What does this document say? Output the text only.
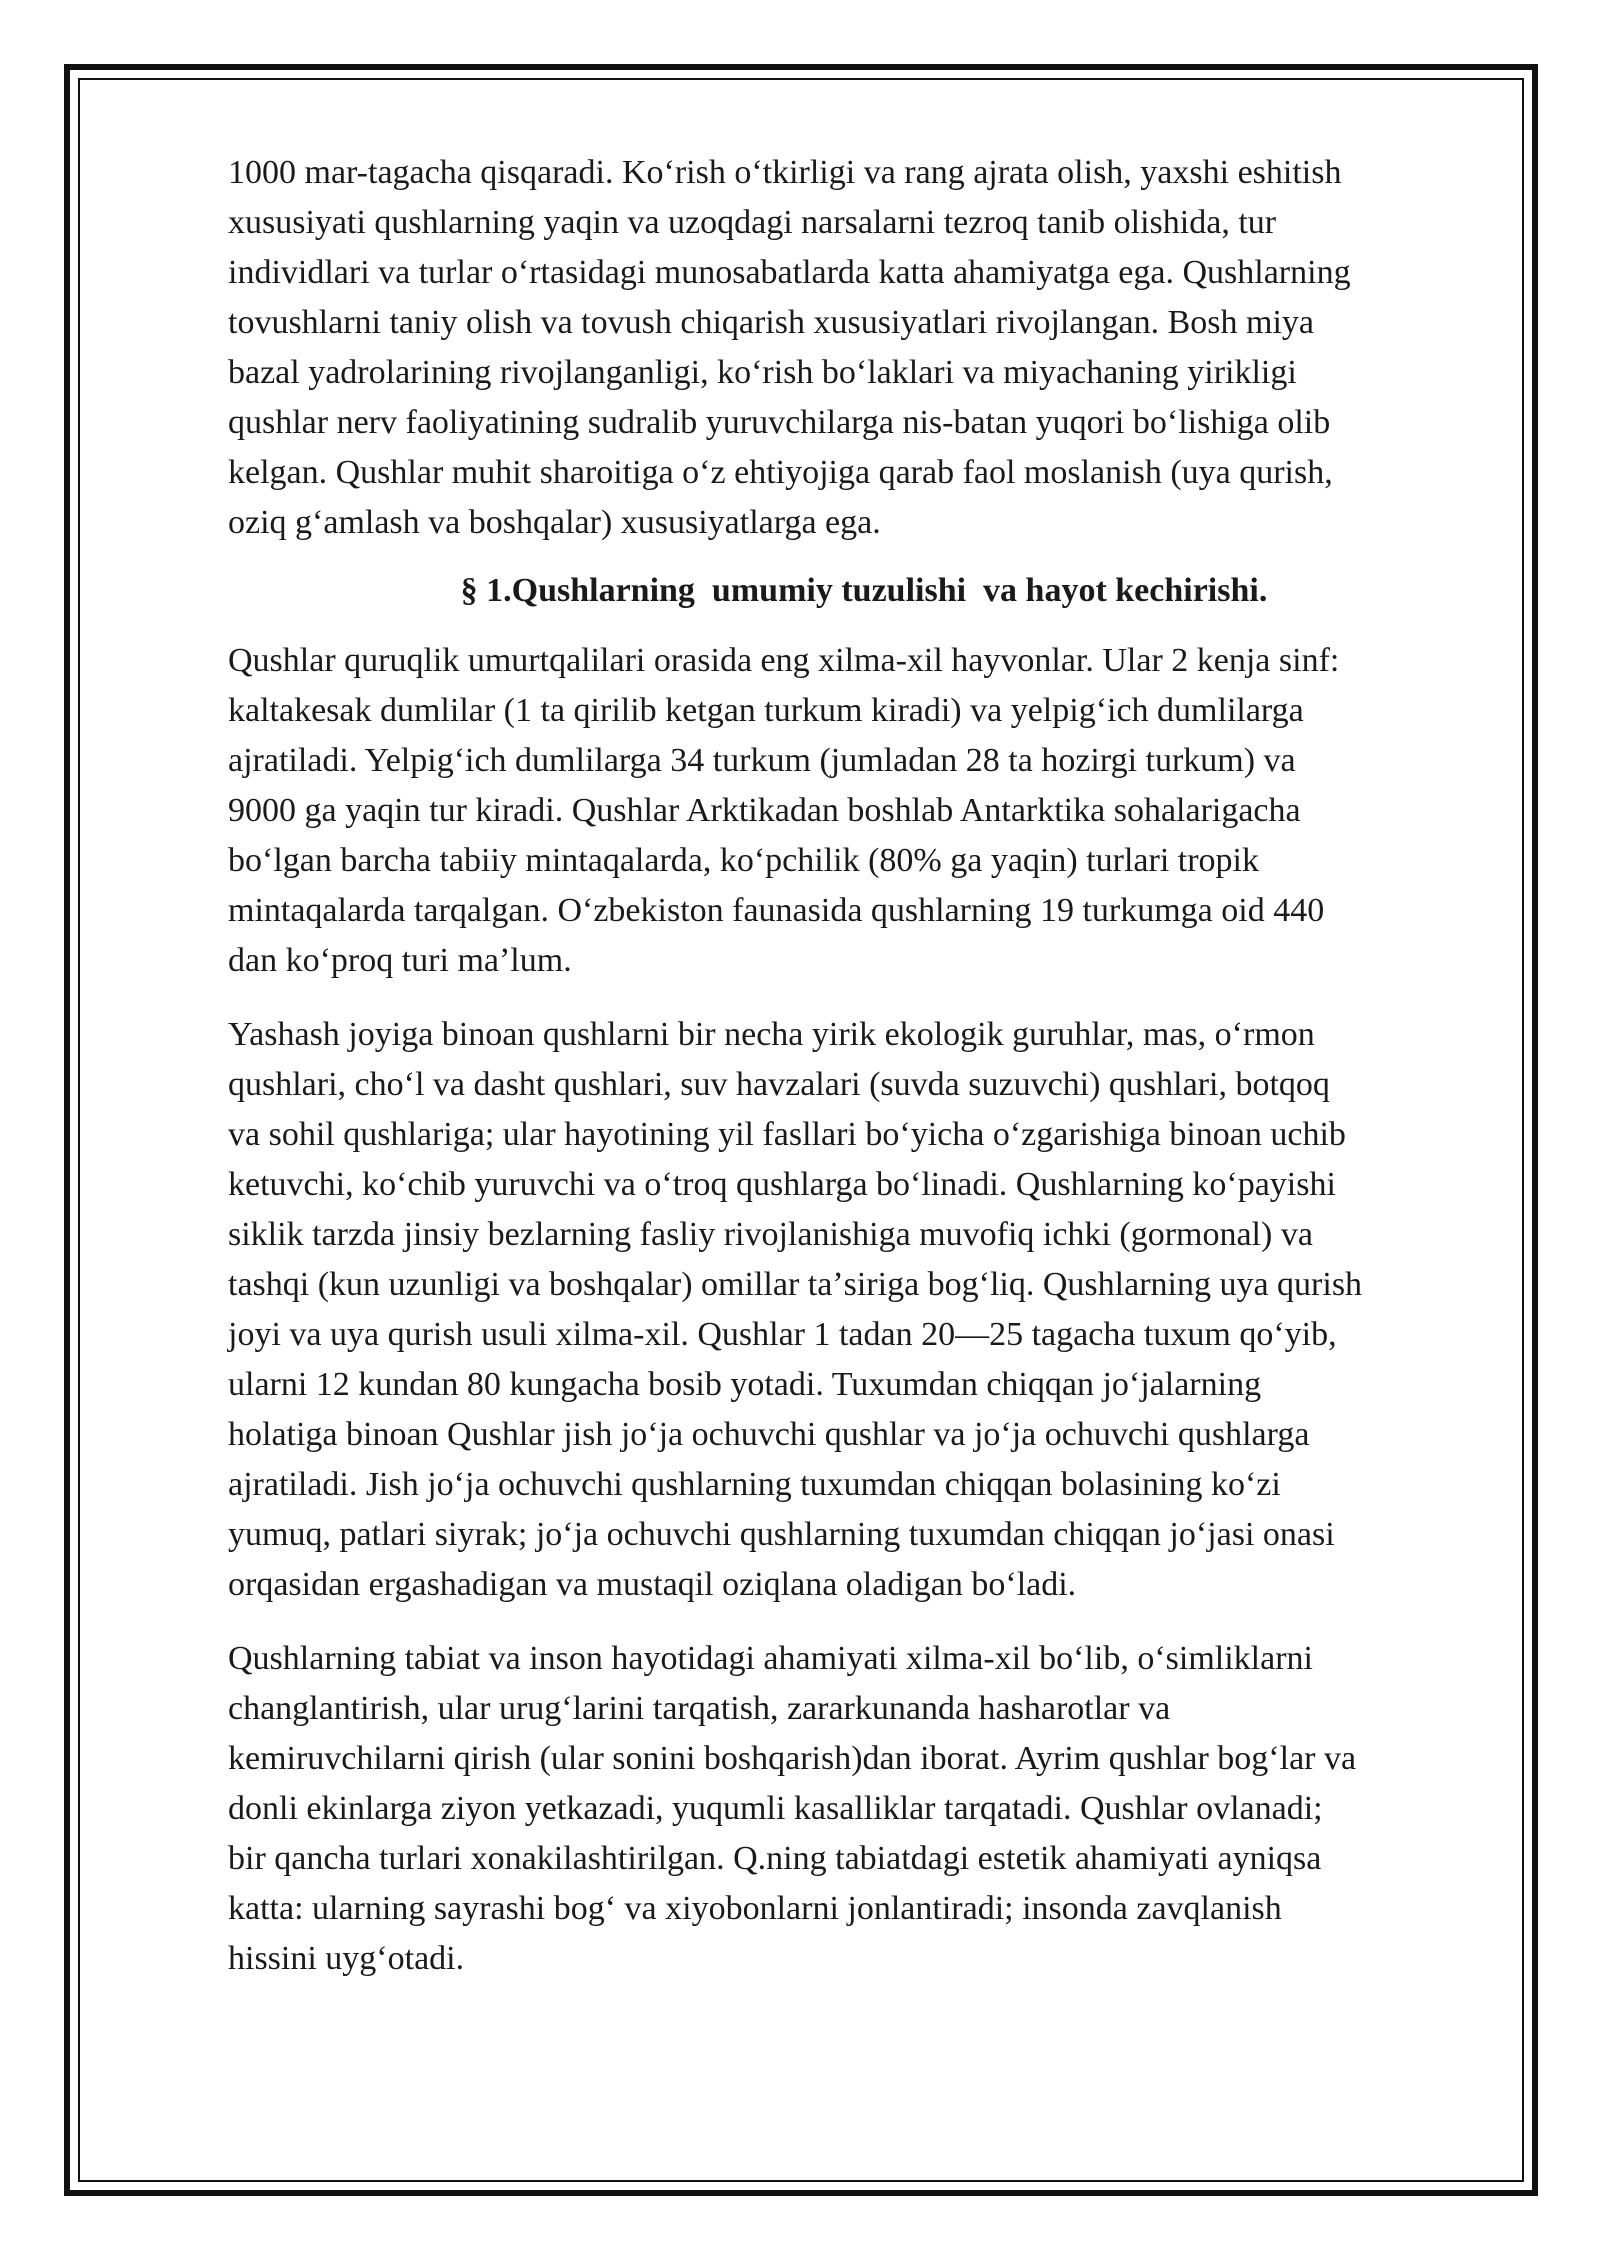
1000 mar-tagacha qisqaradi. Koʻrish oʻtkirligi va rang ajrata olish, yaxshi eshitish
xususiyati qushlarning yaqin va uzoqdagi narsalarni tezroq tanib olishida, tur
individlari va turlar oʻrtasidagi munosabatlarda katta ahamiyatga ega. Qushlarning
tovushlarni taniy olish va tovush chiqarish xususiyatlari rivojlangan. Bosh miya
bazal yadrolarining rivojlanganligi, koʻrish boʻlaklari va miyachaning yirikligi
qushlar nerv faoliyatining sudralib yuruvchilarga nis-batan yuqori boʻlishiga olib
kelgan. Qushlar muhit sharoitiga oʻz ehtiyojiga qarab faol moslanish (uya qurish,
oziq gʻamlash va boshqalar) xususiyatlarga ega.

§ 1.Qushlarning  umumiy tuzulishi  va hayot kechirishi.

Qushlar quruqlik umurtqalilari orasida eng xilma-xil hayvonlar. Ular 2 kenja sinf:
kaltakesak dumlilar (1 ta qirilib ketgan turkum kiradi) va yelpigʻich dumlilarga
ajratiladi. Yelpigʻich dumlilarga 34 turkum (jumladan 28 ta hozirgi turkum) va
9000 ga yaqin tur kiradi. Qushlar Arktikadan boshlab Antarktika sohalarigacha
boʻlgan barcha tabiiy mintaqalarda, koʻpchilik (80% ga yaqin) turlari tropik
mintaqalarda tarqalgan. Oʻzbekiston faunasida qushlarning 19 turkumga oid 440
dan koʻproq turi maʼlum.

Yashash joyiga binoan qushlarni bir necha yirik ekologik guruhlar, mas, oʻrmon
qushlari, choʻl va dasht qushlari, suv havzalari (suvda suzuvchi) qushlari, botqoq
va sohil qushlariga; ular hayotining yil fasllari boʻyicha oʻzgarishiga binoan uchib
ketuvchi, koʻchib yuruvchi va oʻtroq qushlarga boʻlinadi. Qushlarning koʻpayishi
siklik tarzda jinsiy bezlarning fasliy rivojlanishiga muvofiq ichki (gormonal) va
tashqi (kun uzunligi va boshqalar) omillar taʼsiriga bogʻliq. Qushlarning uya qurish
joyi va uya qurish usuli xilma-xil. Qushlar 1 tadan 20—25 tagacha tuxum qoʻyib,
ularni 12 kundan 80 kungacha bosib yotadi. Tuxumdan chiqqan joʻjalarning
holatiga binoan Qushlar jish joʻja ochuvchi qushlar va joʻja ochuvchi qushlarga
ajratiladi. Jish joʻja ochuvchi qushlarning tuxumdan chiqqan bolasining koʻzi
yumuq, patlari siyrak; joʻja ochuvchi qushlarning tuxumdan chiqqan joʻjasi onasi
orqasidan ergashadigan va mustaqil oziqlana oladigan boʻladi.

Qushlarning tabiat va inson hayotidagi ahamiyati xilma-xil boʻlib, oʻsimliklarni
changlantirish, ular urugʻlarini tarqatish, zararkunanda hasharotlar va
kemiruvchilarni qirish (ular sonini boshqarish)dan iborat. Ayrim qushlar bogʻlar va
donli ekinlarga ziyon yetkazadi, yuqumli kasalliklar tarqatadi. Qushlar ovlanadi;
bir qancha turlari xonakilashtirilgan. Q.ning tabiatdagi estetik ahamiyati ayniqsa
katta: ularning sayrashi bogʻ va xiyobonlarni jonlantiradi; insonda zavqlanish
hissini uygʻotadi.
